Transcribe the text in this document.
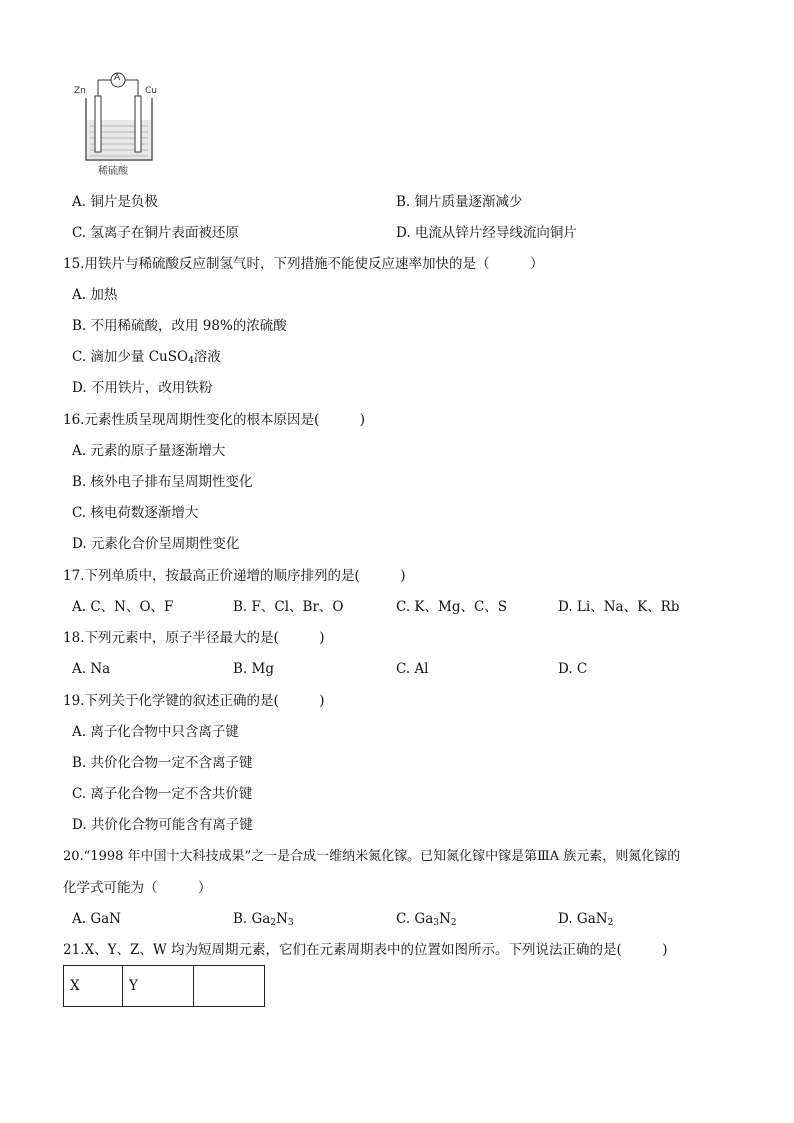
A
Zn	Cu
稀硫酸
A. 铜片是负极	B. 铜片质量逐渐减少
C. 氢离子在铜片表面被还原	D. 电流从锌片经导线流向铜片
15.用铁片与稀硫酸反应制氢气时，下列措施不能使反应速率加快的是（　　　）
A. 加热
B. 不用稀硫酸，改用 98%的浓硫酸
C. 滴加少量 CuSO$_4$溶液
D. 不用铁片，改用铁粉
16.元素性质呈现周期性变化的根本原因是(　　　)
A. 元素的原子量逐渐增大
B. 核外电子排布呈周期性变化
C. 核电荷数逐渐增大
D. 元素化合价呈周期性变化
17.下列单质中，按最高正价递增的顺序排列的是(　　　)
A. C、N、O、F	B. F、Cl、Br、O	C. K、Mg、C、S	D. Li、Na、K、Rb
18.下列元素中，原子半径最大的是(　　　)
A. Na	B. Mg	C. Al	D. C
19.下列关于化学键的叙述正确的是(　　　)
A. 离子化合物中只含离子键
B. 共价化合物一定不含离子键
C. 离子化合物一定不含共价键
D. 共价化合物可能含有离子键
20.“1998 年中国十大科技成果”之一是合成一维纳米氮化镓。已知氮化镓中镓是第ⅢA 族元素，则氮化镓的
化学式可能为（　　　）
A. GaN	B. $Ga_2N_3$	C. $Ga_3N_2$	D. GaN$_2$
21.X、Y、Z、W 均为短周期元素，它们在元素周期表中的位置如图所示。下列说法正确的是(　　　)
X	Y	
